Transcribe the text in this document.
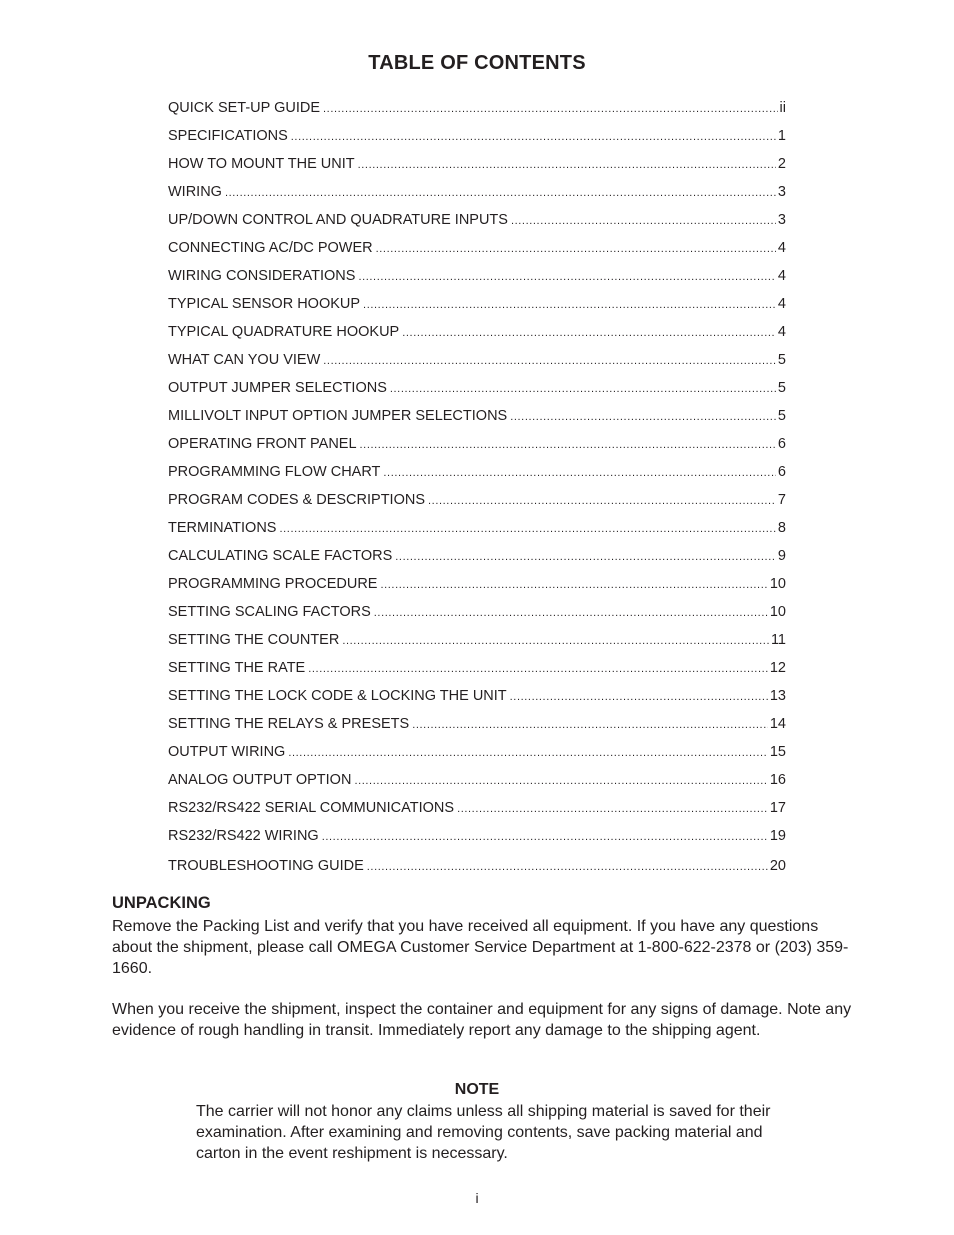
TABLE OF CONTENTS
QUICK SET-UP GUIDE .....	ii
SPECIFICATIONS .....	1
HOW TO MOUNT THE UNIT .....	2
WIRING .....	3
UP/DOWN CONTROL AND QUADRATURE INPUTS .....	3
CONNECTING AC/DC POWER .....	4
WIRING CONSIDERATIONS .....	4
TYPICAL SENSOR HOOKUP .....	4
TYPICAL QUADRATURE HOOKUP .....	4
WHAT CAN YOU VIEW .....	5
OUTPUT JUMPER SELECTIONS .....	5
MILLIVOLT INPUT OPTION JUMPER SELECTIONS .....	5
OPERATING FRONT PANEL .....	6
PROGRAMMING FLOW CHART .....	6
PROGRAM CODES & DESCRIPTIONS .....	7
TERMINATIONS .....	8
CALCULATING SCALE FACTORS .....	9
PROGRAMMING PROCEDURE .....	10
SETTING SCALING FACTORS .....	10
SETTING THE COUNTER .....	11
SETTING THE RATE .....	12
SETTING THE LOCK CODE & LOCKING THE UNIT .....	13
SETTING THE RELAYS & PRESETS .....	14
OUTPUT WIRING .....	15
ANALOG OUTPUT OPTION .....	16
RS232/RS422 SERIAL COMMUNICATIONS .....	17
RS232/RS422 WIRING .....	19
TROUBLESHOOTING GUIDE .....	20
UNPACKING

Remove the Packing List and verify that you have received all equipment. If you have any questions about the shipment, please call OMEGA Customer Service Department at 1-800-622-2378 or (203) 359-1660.

When you receive the shipment, inspect the container and equipment for any signs of damage. Note any evidence of rough handling in transit. Immediately report any damage to the shipping agent.

NOTE

The carrier will not honor any claims unless all shipping material is saved for their examination. After examining and removing contents, save packing material and carton in the event reshipment is necessary.

i
